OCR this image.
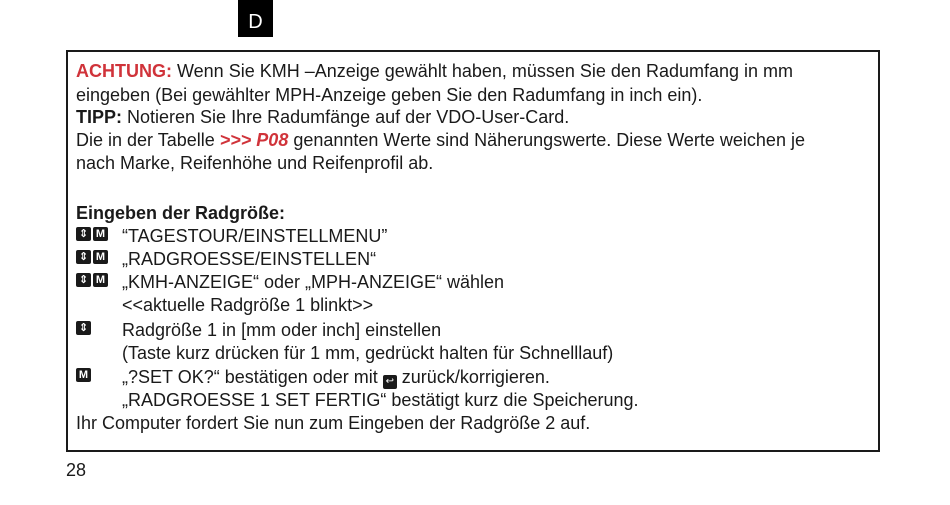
D
ACHTUNG: Wenn Sie KMH –Anzeige gewählt haben, müssen Sie den Radumfang in mm
eingeben (Bei gewählter MPH-Anzeige geben Sie den Radumfang in inch ein).
TIPP: Notieren Sie Ihre Radumfänge auf der VDO-User-Card.
Die in der Tabelle >>> P08 genannten Werte sind Näherungswerte. Diese Werte weichen je
nach Marke, Reifenhöhe und Reifenprofil ab.
Eingeben der Radgröße:
⇕ M “TAGESTOUR/EINSTELLMENU”
⇕ M „RADGROESSE/EINSTELLEN“
⇕ M „KMH-ANZEIGE“ oder „MPH-ANZEIGE“ wählen
<<aktuelle Radgröße 1 blinkt>>
⇕ Radgröße 1 in [mm oder inch] einstellen
(Taste kurz drücken für 1 mm, gedrückt halten für Schnelllauf)
M „?SET OK?“ bestätigen oder mit ↩ zurück/korrigieren.
„RADGROESSE 1 SET FERTIG“ bestätigt kurz die Speicherung.
Ihr Computer fordert Sie nun zum Eingeben der Radgröße 2 auf.
28
